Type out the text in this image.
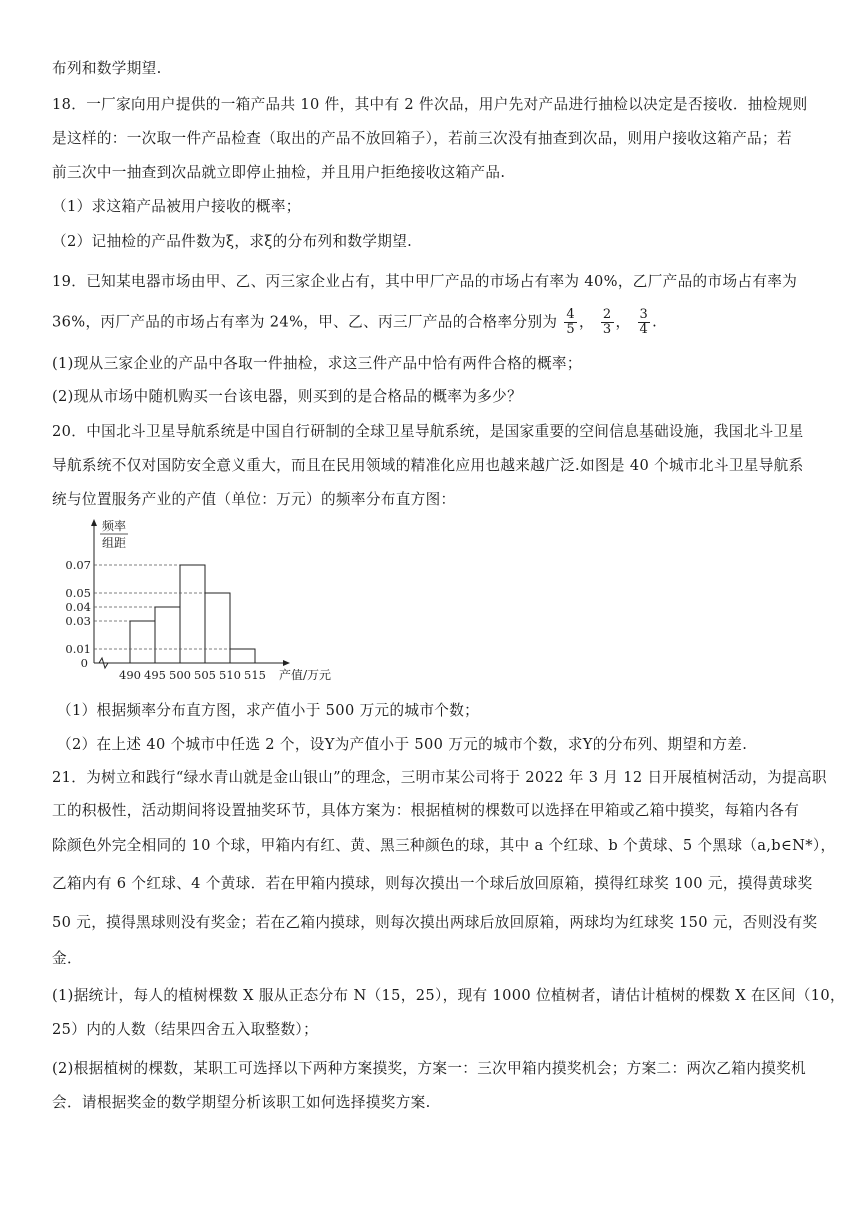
布列和数学期望.
18．一厂家向用户提供的一箱产品共 10 件，其中有 2 件次品，用户先对产品进行抽检以决定是否接收．抽检规则
是这样的：一次取一件产品检查（取出的产品不放回箱子），若前三次没有抽查到次品，则用户接收这箱产品；若
前三次中一抽查到次品就立即停止抽检，并且用户拒绝接收这箱产品.
（1）求这箱产品被用户接收的概率；
（2）记抽检的产品件数为ξ，求ξ的分布列和数学期望.
19．已知某电器市场由甲、乙、丙三家企业占有，其中甲厂产品的市场占有率为 40%，乙厂产品的市场占有率为
36%，丙厂产品的市场占有率为 24%，甲、乙、丙三厂产品的合格率分别为 $\frac{4}{5}$ ， $\frac{2}{3}$ ， $\frac{3}{4}$ .
(1)现从三家企业的产品中各取一件抽检，求这三件产品中恰有两件合格的概率；
(2)现从市场中随机购买一台该电器，则买到的是合格品的概率为多少？
20．中国北斗卫星导航系统是中国自行研制的全球卫星导航系统，是国家重要的空间信息基础设施，我国北斗卫星
导航系统不仅对国防安全意义重大，而且在民用领域的精准化应用也越来越广泛.如图是 40 个城市北斗卫星导航系
统与位置服务产业的产值（单位：万元）的频率分布直方图：
频率
组距
0.01
0.03
0.04
0.05
0.07
0
490 495 500 505 510 515 产值/万元
（1）根据频率分布直方图，求产值小于 500 万元的城市个数；
（2）在上述 40 个城市中任选 2 个，设Y为产值小于 500 万元的城市个数，求Y的分布列、期望和方差.
21．为树立和践行“绿水青山就是金山银山”的理念，三明市某公司将于 2022 年 3 月 12 日开展植树活动，为提高职
工的积极性，活动期间将设置抽奖环节，具体方案为：根据植树的棵数可以选择在甲箱或乙箱中摸奖，每箱内各有
除颜色外完全相同的 10 个球，甲箱内有红、黄、黑三种颜色的球，其中 a 个红球、b 个黄球、5 个黑球（a,b∈N*），
乙箱内有 6 个红球、4 个黄球．若在甲箱内摸球，则每次摸出一个球后放回原箱，摸得红球奖 100 元，摸得黄球奖
50 元，摸得黑球则没有奖金；若在乙箱内摸球，则每次摸出两球后放回原箱，两球均为红球奖 150 元，否则没有奖
金．
(1)据统计，每人的植树棵数 X 服从正态分布 N（15，25），现有 1000 位植树者，请估计植树的棵数 X 在区间（10，
25）内的人数（结果四舍五入取整数）；
(2)根据植树的棵数，某职工可选择以下两种方案摸奖，方案一：三次甲箱内摸奖机会；方案二：两次乙箱内摸奖机
会．请根据奖金的数学期望分析该职工如何选择摸奖方案.
